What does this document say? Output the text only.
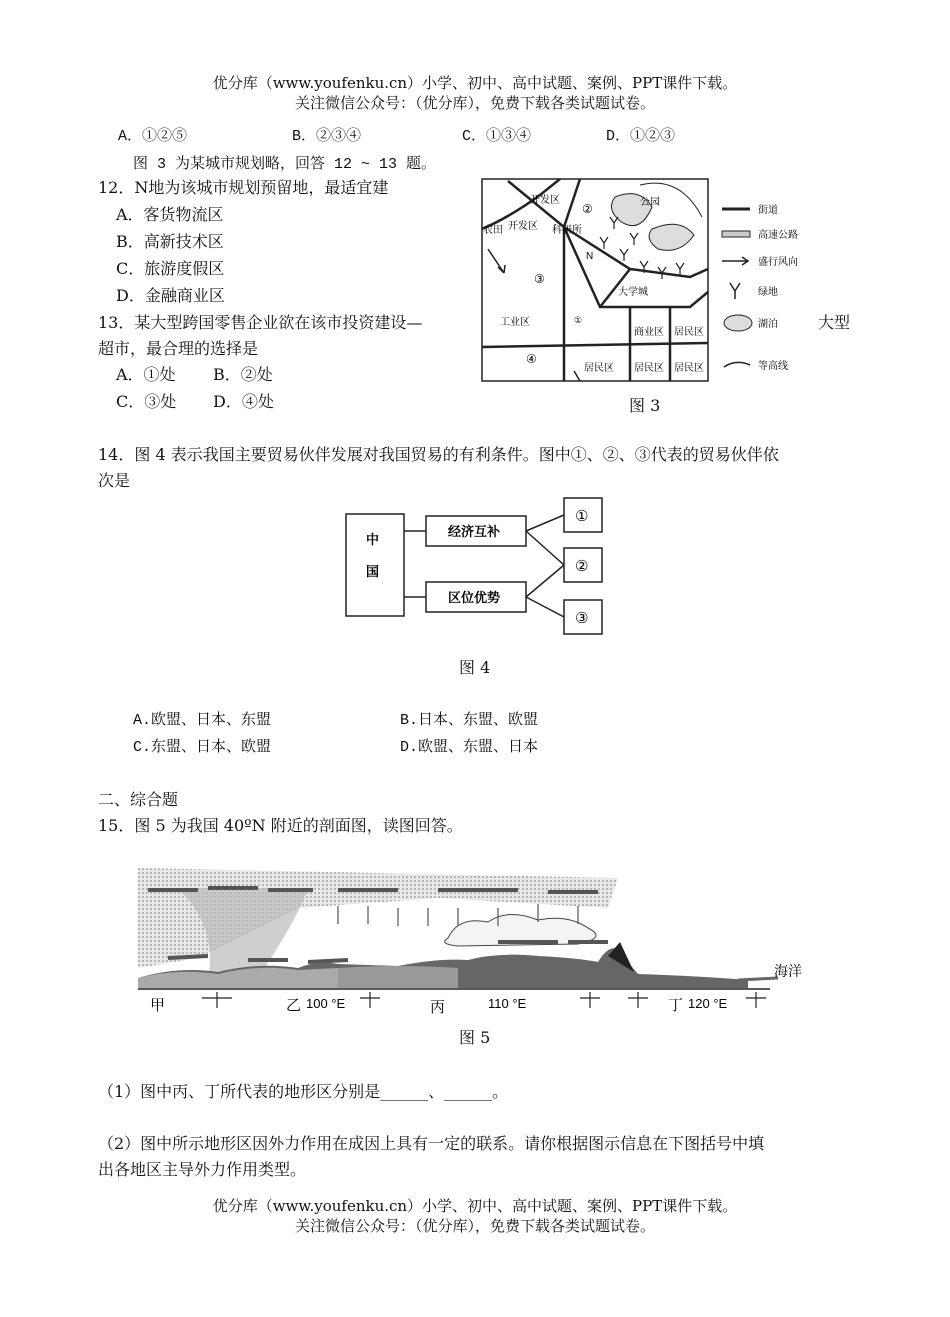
优分库（www.youfenku.cn）小学、初中、高中试题、案例、PPT课件下载。
关注微信公众号：（优分库），免费下载各类试题试卷。
A．①②⑤	B．②③④	C．①③④	D．①②③
图 3 为某城市规划略，回答 12 ~ 13 题。
12．N地为该城市规划预留地，最适宜建
A．客货物流区
B．高新技术区
C．旅游度假区
D．金融商业区
13．某大型跨国零售企业欲在该市投资建设—	大型
超市，最合理的选择是
A．①处 B．②处
C．③处 D．④处
开发区
开发区 科研所
农田
公园
大学城
工业区
商业区 居民区
居民区 居民区 居民区
N
①
②
③
④
街道
高速公路
盛行风向
绿地
湖泊
等高线
图 3
14．图 4 表示我国主要贸易伙伴发展对我国贸易的有利条件。图中①、②、③代表的贸易伙伴依
次是
中
国
经济互补
区位优势
①
②
③
图 4
A.欧盟、日本、东盟	B.日本、东盟、欧盟
C.东盟、日本、欧盟	D.欧盟、东盟、日本
二、综合题
15．图 5 为我国 40ºN 附近的剖面图，读图回答。
甲	乙 100 °E	丙	110 °E	丁 120 °E
海洋
图 5
（1）图中丙、丁所代表的地形区分别是______、______。
（2）图中所示地形区因外力作用在成因上具有一定的联系。请你根据图示信息在下图括号中填
出各地区主导外力作用类型。
优分库（www.youfenku.cn）小学、初中、高中试题、案例、PPT课件下载。
关注微信公众号：（优分库），免费下载各类试题试卷。
